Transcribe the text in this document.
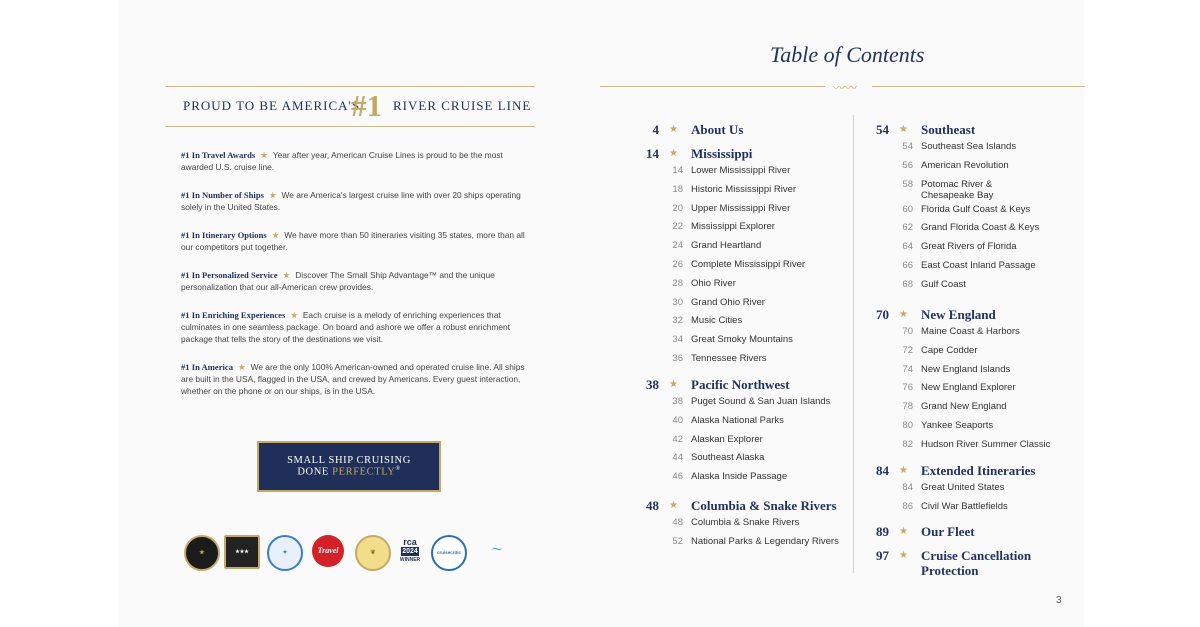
PROUD TO BE AMERICA'S
#1 RIVER CRUISE LINE
#1 In Travel Awards ★ Year after year, American Cruise Lines is proud to be the most awarded U.S. cruise line.
#1 In Number of Ships ★ We are America's largest cruise line with over 20 ships operating solely in the United States.
#1 In Itinerary Options ★ We have more than 50 itineraries visiting 35 states, more than all our competitors put together.
#1 In Personalized Service ★ Discover The Small Ship Advantage™ and the unique personalization that our all-American crew provides.
#1 In Enriching Experiences ★ Each cruise is a melody of enriching experiences that culminates in one seamless package. On board and ashore we offer a robust enrichment package that tells the story of the destinations we visit.
#1 In America ★ We are the only 100% American-owned and operated cruise line. All ships are built in the USA, flagged in the USA, and crewed by Americans. Every guest interaction, whether on the phone or on our ships, is in the USA.
SMALL SHIP CRUISING
DONE PERFECTLY®
★	★★★	✦	Travel	❦
rca
2024
WINNER
cruisecritic	〜
Table of Contents
〰〰
4 ★ About Us
14 ★ Mississippi
14 Lower Mississippi River
18 Historic Mississippi River
20 Upper Mississippi River
22 Mississippi Explorer
24 Grand Heartland
26 Complete Mississippi River
28 Ohio River
30 Grand Ohio River
32 Music Cities
34 Great Smoky Mountains
36 Tennessee Rivers
38 ★ Pacific Northwest
38 Puget Sound & San Juan Islands
40 Alaska National Parks
42 Alaskan Explorer
44 Southeast Alaska
46 Alaska Inside Passage
48 ★ Columbia & Snake Rivers
48 Columbia & Snake Rivers
52 National Parks & Legendary Rivers
54 ★ Southeast
54 Southeast Sea Islands
56 American Revolution
58 Potomac River &
Chesapeake Bay
60 Florida Gulf Coast & Keys
62 Grand Florida Coast & Keys
64 Great Rivers of Florida
66 East Coast Inland Passage
68 Gulf Coast
70 ★ New England
70 Maine Coast & Harbors
72 Cape Codder
74 New England Islands
76 New England Explorer
78 Grand New England
80 Yankee Seaports
82 Hudson River Summer Classic
84 ★ Extended Itineraries
84 Great United States
86 Civil War Battlefields
89 ★ Our Fleet
97 ★ Cruise Cancellation
Protection
3
